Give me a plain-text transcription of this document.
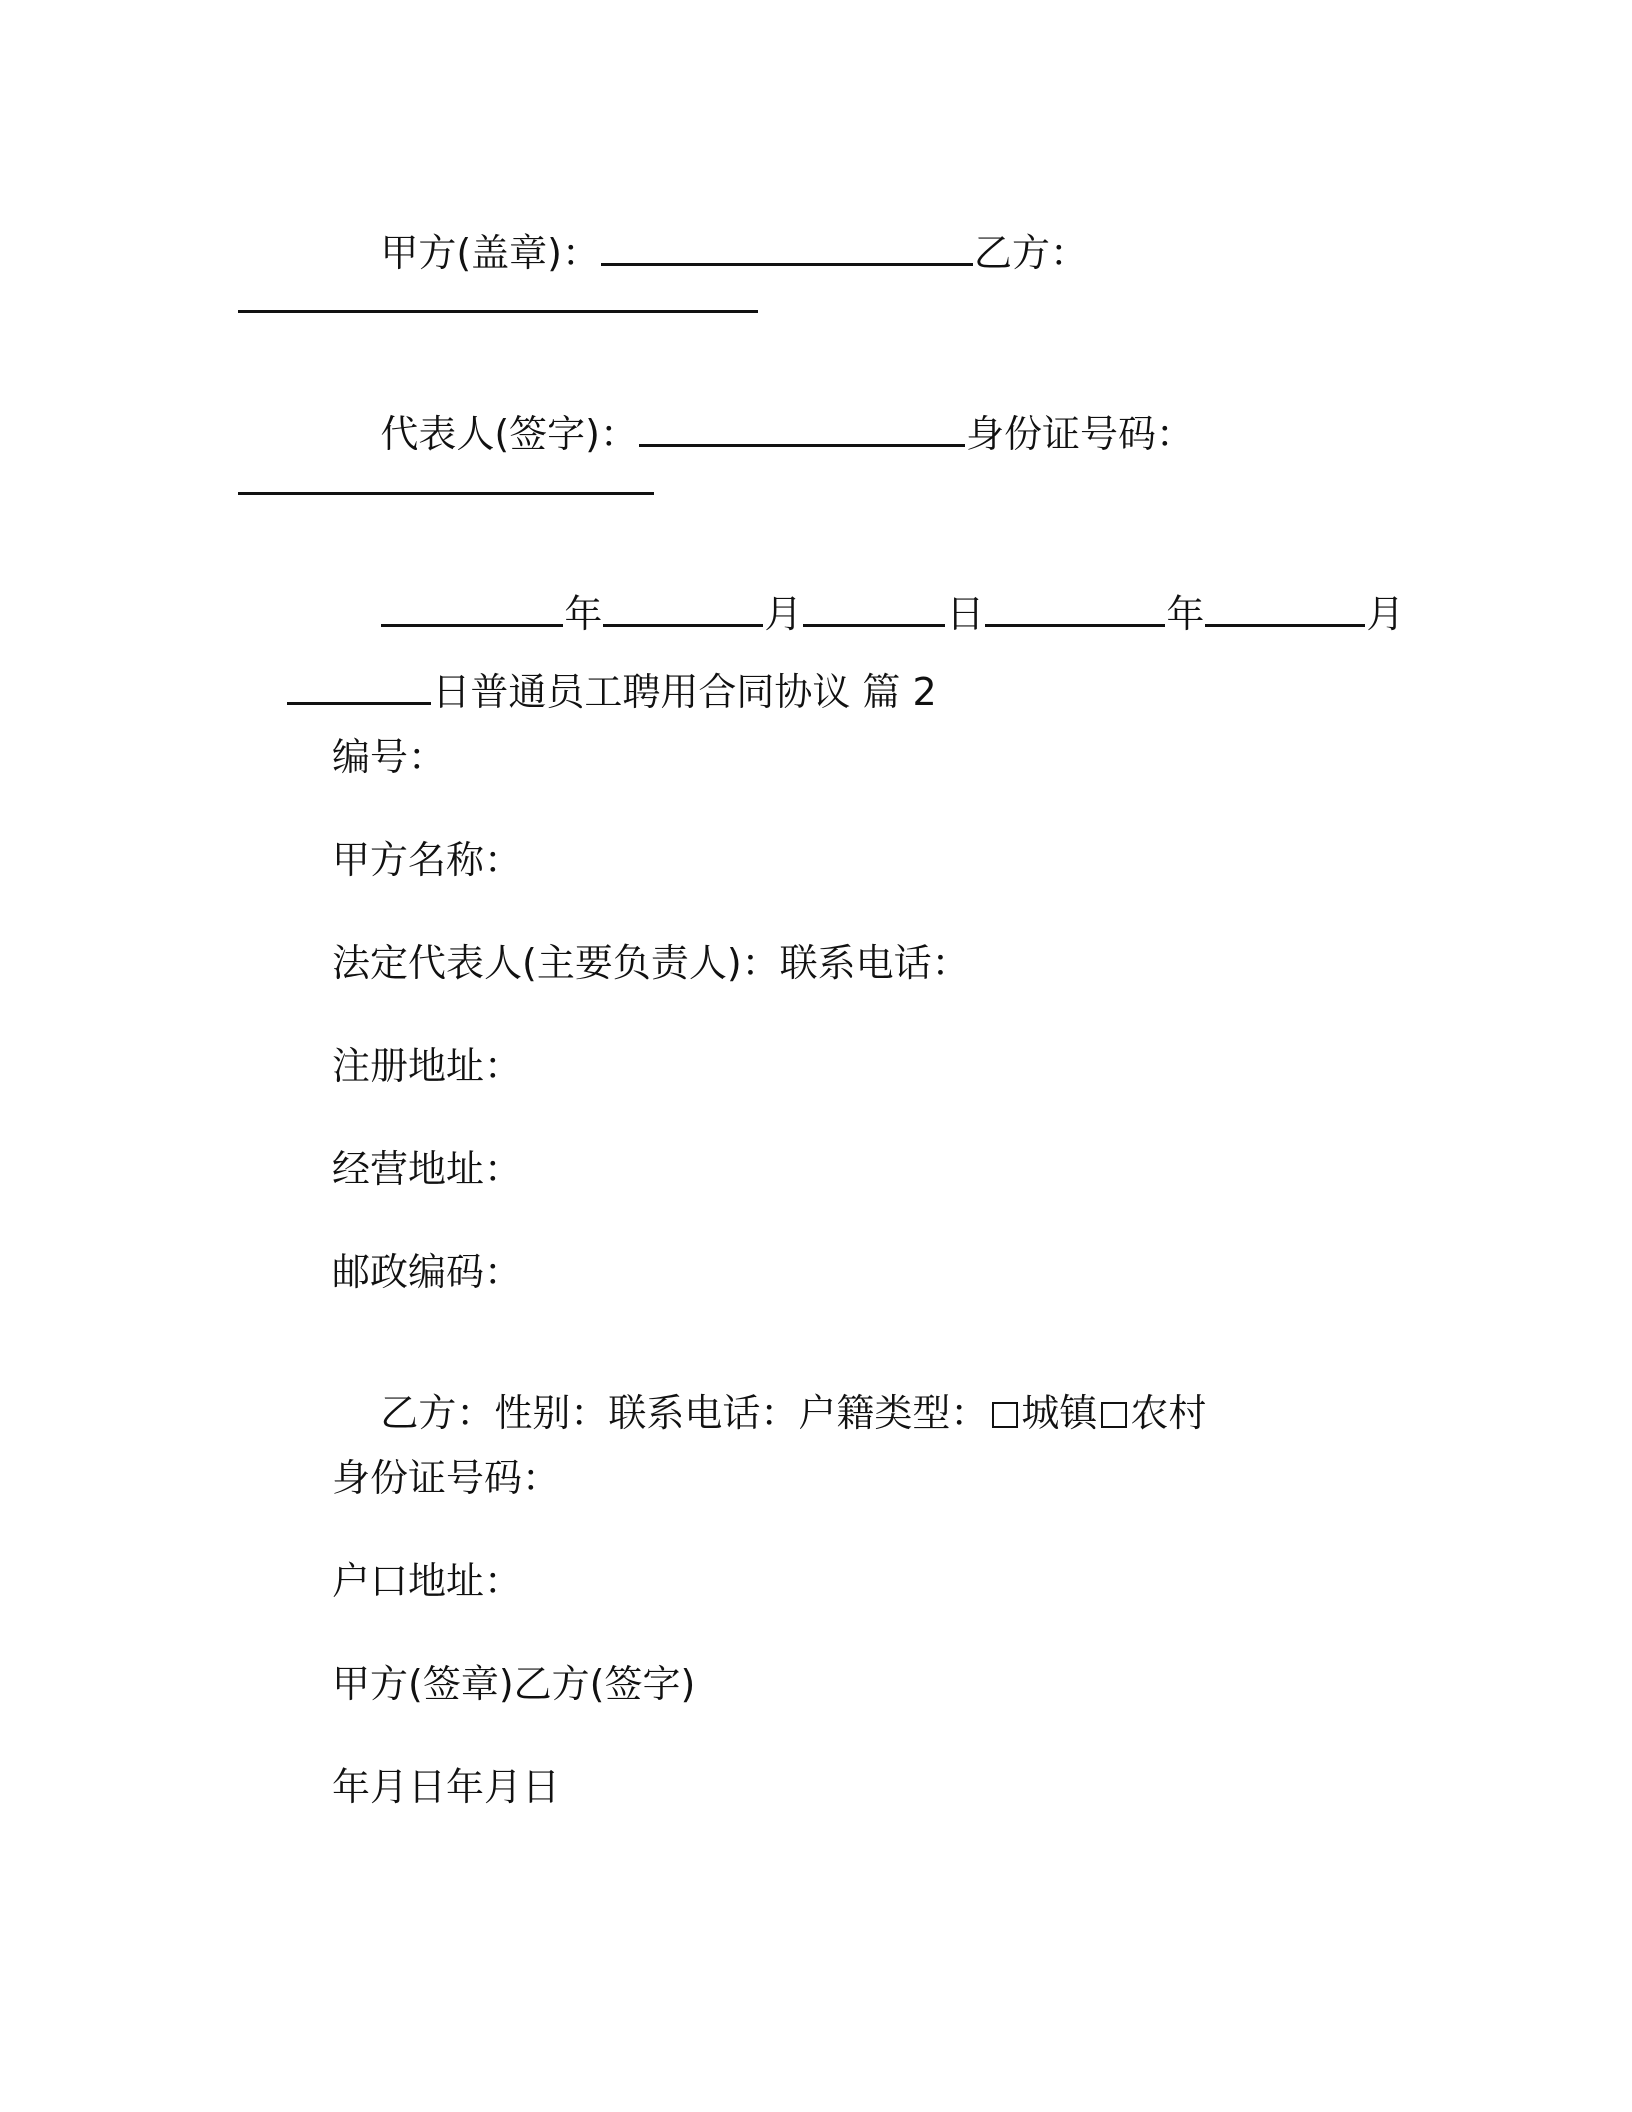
甲方(盖章)：	乙方：

代表人(签字)：	身份证号码：

年	月	日	年	月

日普通员工聘用合同协议 篇 2

编号：
甲方名称：
法定代表人(主要负责人)：联系电话：
注册地址：
经营地址：
邮政编码：

乙方：性别：联系电话：户籍类型： 城镇 农村

身份证号码：
户口地址：
甲方(签章)乙方(签字)
年月日年月日
